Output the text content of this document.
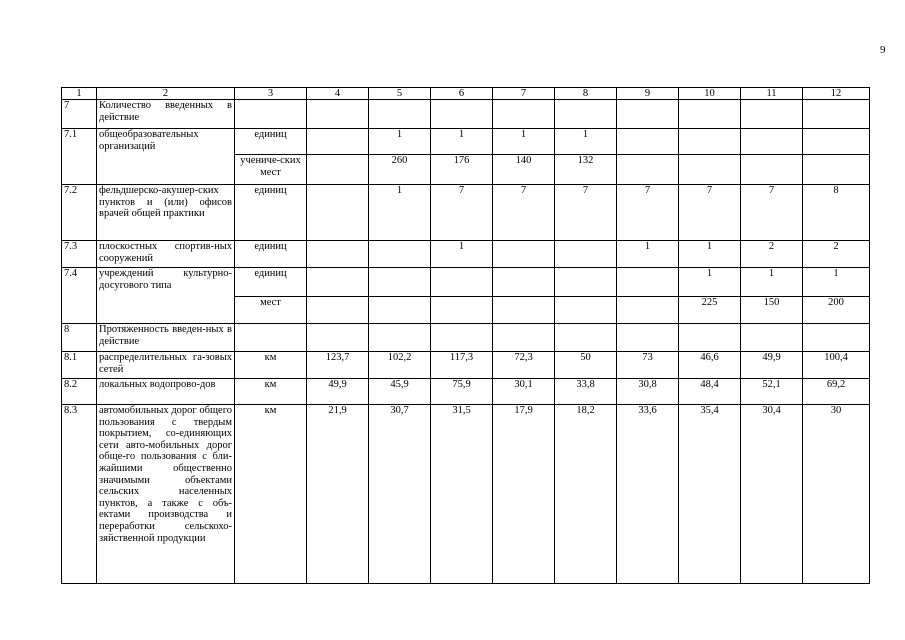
9
1	2	3	4	5	6	7	8	9	10	11	12
7	Количество введенных в действие										
7.1	общеобразовательных организаций	единиц		1	1	1	1				
		учениче-ских мест		260	176	140	132				
7.2	фельдшерско-акушер-ских пунктов и (или) офисов врачей общей практики	единиц		1	7	7	7	7	7	7	8
7.3	плоскостных спортив-ных сооружений	единиц			1			1	1	2	2
7.4	учреждений культурно-досугового типа	единиц							1	1	1
		мест							225	150	200
8	Протяженность введен-ных в действие										
8.1	распределительных га-зовых сетей	км	123,7	102,2	117,3	72,3	50	73	46,6	49,9	100,4
8.2	локальных водопрово-дов	км	49,9	45,9	75,9	30,1	33,8	30,8	48,4	52,1	69,2
8.3	автомобильных дорог общего пользования с твердым покрытием, со-единяющих сети авто-мобильных дорог обще-го пользования с бли-жайшими общественно значимыми объектами сельских населенных пунктов, а также с объ-ектами производства и переработки сельскохо-зяйственной продукции	км	21,9	30,7	31,5	17,9	18,2	33,6	35,4	30,4	30
